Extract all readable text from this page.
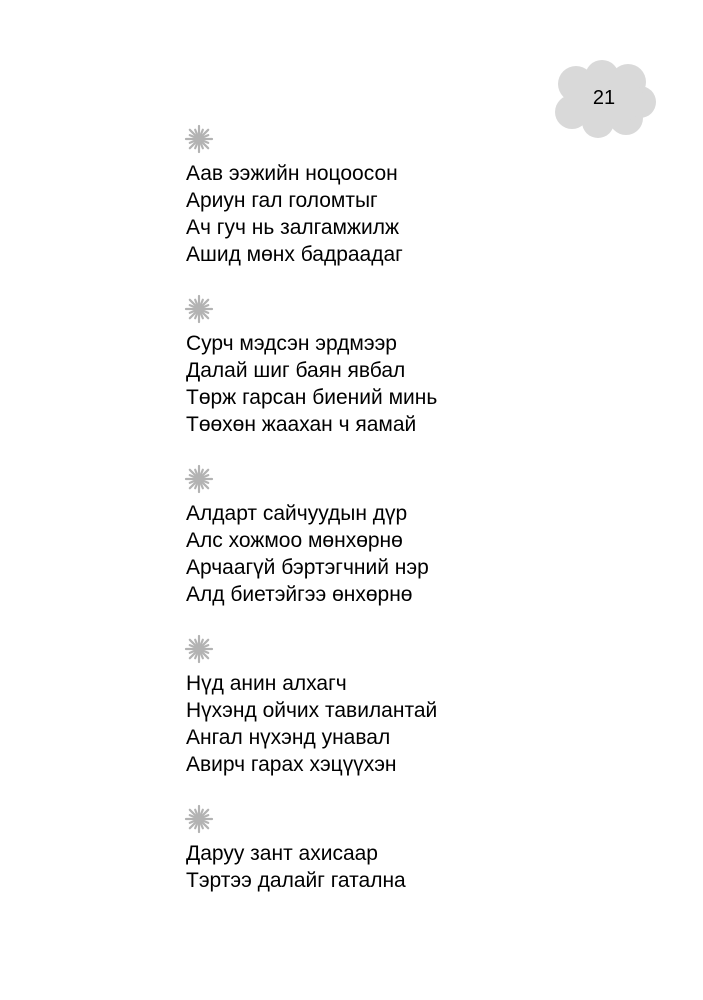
21
Аав ээжийн ноцоосон
Ариун гал голомтыг
Ач гуч нь залгамжилж
Ашид мөнх бадраадаг
Сурч мэдсэн эрдмээр
Далай шиг баян явбал
Төрж гарсан биений минь
Төөхөн жаахан ч яамай
Алдарт сайчуудын дүр
Алс хожмоо мөнхөрнө
Арчаагүй бэртэгчний нэр
Алд биетэйгээ өнхөрнө
Нүд анин алхагч
Нүхэнд ойчих тавилантай
Ангал нүхэнд унавал
Авирч гарах хэцүүхэн
Даруу зант ахисаар
Тэртээ далайг гатална
